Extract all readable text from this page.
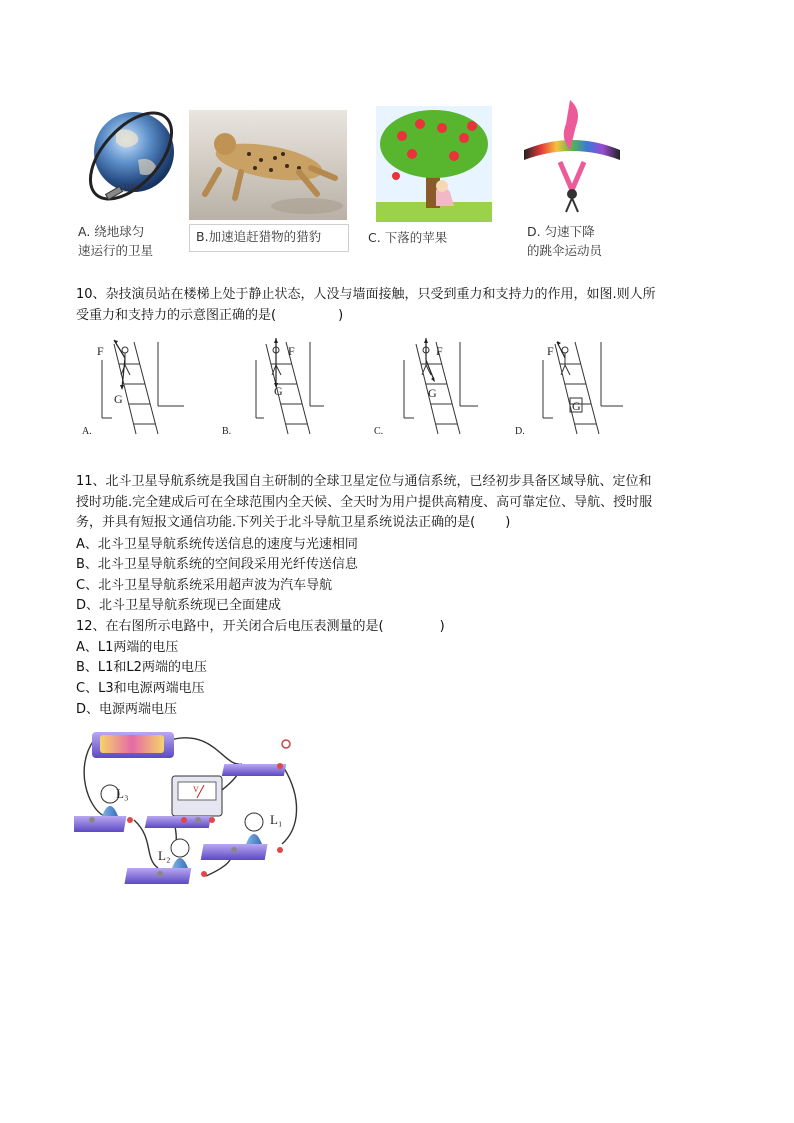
卫星
A. 绕地球匀
速运行的卫星
B.加速追赶猎物的猎豹	C. 下落的苹果	D. 匀速下降
的跳伞运动员
10、杂技演员站在楼梯上处于静止状态，人没与墙面接触，只受到重力和支持力的作用，如图.则人所
受重力和支持力的示意图正确的是(	)
F
G
A.
F
G
B.
F
G
C.
F
G
D.
11、北斗卫星导航系统是我国自主研制的全球卫星定位与通信系统，已经初步具备区域导航、定位和
授时功能.完全建成后可在全球范围内全天候、全天时为用户提供高精度、高可靠定位、导航、授时服
务，并具有短报文通信功能.下列关于北斗导航卫星系统说法正确的是( )
A、北斗卫星导航系统传送信息的速度与光速相同
B、北斗卫星导航系统的空间段采用光纤传送信息
C、北斗卫星导航系统采用超声波为汽车导航
D、北斗卫星导航系统现已全面建成
12、在右图所示电路中，开关闭合后电压表测量的是(	)
A、L1两端的电压
B、L1和L2两端的电压
C、L3和电源两端电压
D、电源两端电压
L₃
L₂
L₁
V
